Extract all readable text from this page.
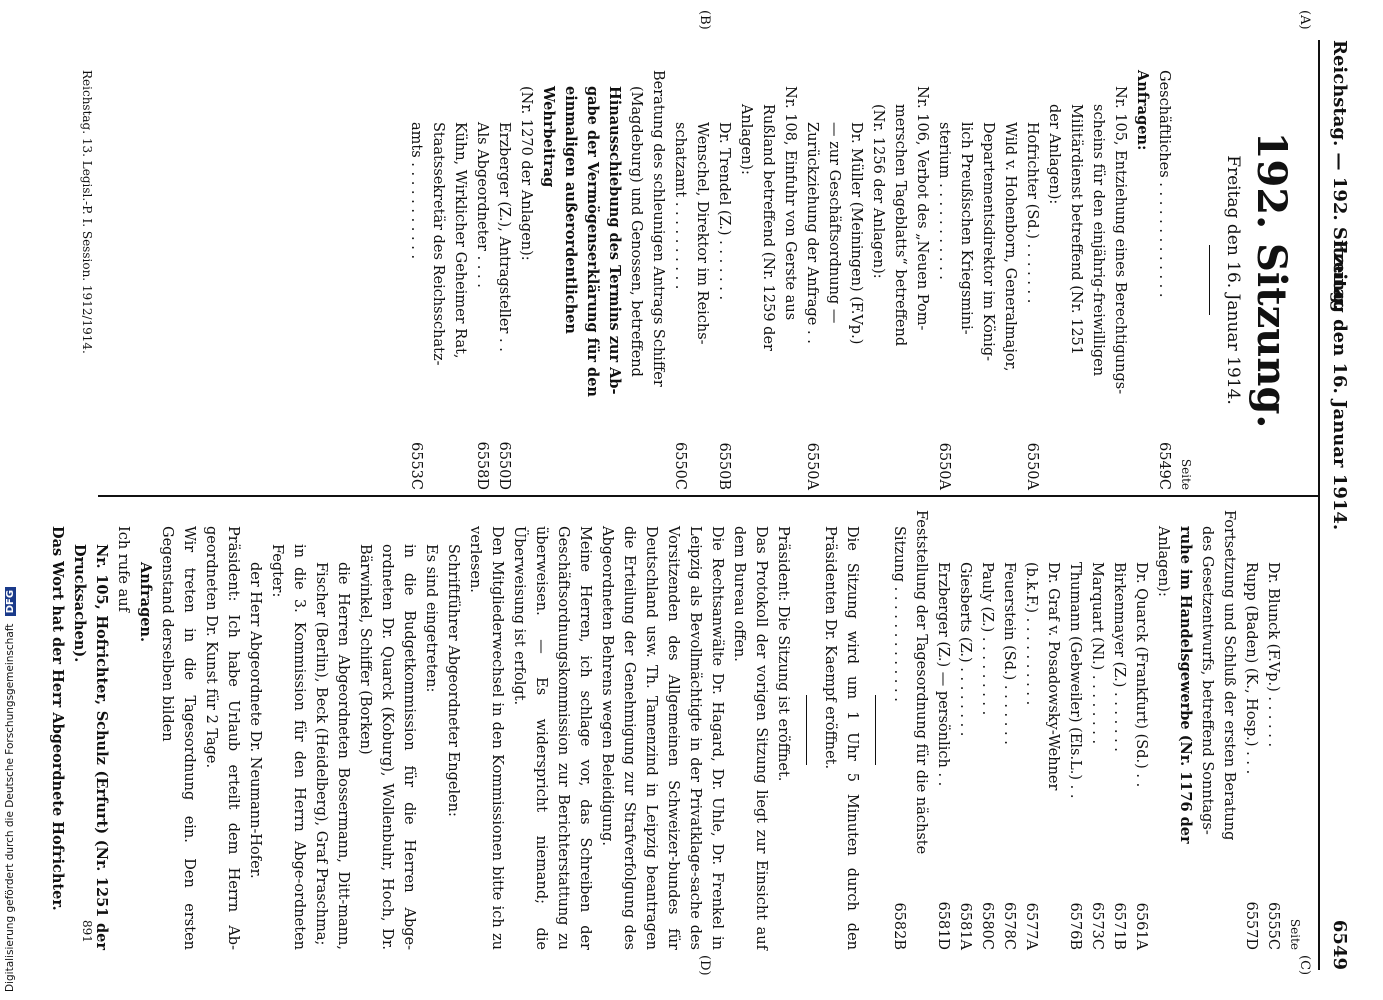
Reichstag. — 192. Sitzung.
Freitag den 16. Januar 1914.
6549
(A)
(B)
(C)
(D)
192. Sitzung.
Freitag den 16. Januar 1914.
Seite
Geschäftliches . . . . . . . . . . . . .
6549C
Anfragen:
Nr. 105, Entziehung eines Berechtigungs-
scheins für den einjährig-freiwilligen
Militärdienst betreffend (Nr. 1251
der Anlagen):
Hofrichter (Sd.) . . . . . . .
6550A
Wild v. Hohenborn, Generalmajor,
Departementsdirektor im König-
lich Preußischen Kriegsmini-
sterium . . . . . . . . . . .
6550A
Nr. 106, Verbot des „Neuen Pom-
merschen Tageblatts“ betreffend
(Nr. 1256 der Anlagen):
Dr. Müller (Meiningen) (F.Vp.)
— zur Geschäftsordnung —
Zurückziehung der Anfrage . .
6550A
Nr. 108, Einfuhr von Gerste aus
Rußland betreffend (Nr. 1259 der
Anlagen):
Dr. Trendel (Z.) . . . . . . .
6550B
Wenschel, Direktor im Reichs-
schatzamt . . . . . . . . . .
6550C
Beratung des schleunigen Antrags Schiffer
(Magdeburg) und Genossen, betreffend
Hinausschiebung des Termins zur Ab-
gabe der Vermögenserklärung für den
einmaligen außerordentlichen Wehrbeitrag
(Nr. 1270 der Anlagen):
Erzberger (Z.), Antragsteller . .
6550D
Als Abgeordneter . . . .
6558D
Kühn, Wirklicher Geheimer Rat,
Staatssekretär des Reichsschatz-
amts . . . . . . . . . . .
6553C
Seite
Dr. Blunck (F.Vp.) . . . . . .
6555C
Rupp (Baden) (K., Hosp.) . . .
6557D
Fortsetzung und Schluß der ersten Beratung
des Gesetzentwurfs, betreffend Sonntags-
ruhe im Handelsgewerbe (Nr. 1176 der
Anlagen):
Dr. Quarck (Frankfurt) (Sd.) . .
6561A
Birkenmayer (Z.) . . . . . . .
6571B
Marquart (Nl.) . . . . . . . .
6573C
Thumann (Gebweiler) (Els.L.) . .
6576B
Dr. Graf v. Posadowsky-Wehner
(b.k.F.) . . . . . . . . . .
6577A
Feuerstein (Sd.) . . . . . . .
6578C
Pauly (Z.) . . . . . . . . .
6580C
Giesberts (Z.) . . . . . . . .
6581A
Erzberger (Z.) — persönlich . .
6581D
Feststellung der Tagesordnung für die nächste
Sitzung . . . . . . . . . . . . .
6582B

Die Sitzung wird um 1 Uhr 5 Minuten durch den Präsidenten Dr. Kaempf eröffnet.

Präsident: Die Sitzung ist eröffnet.

Das Protokoll der vorigen Sitzung liegt zur Einsicht auf dem Bureau offen.

Die Rechtsanwälte Dr. Hagard, Dr. Uhle, Dr. Frenkel in Leipzig als Bevollmächtigte in der Privatklage-sache des Vorsitzenden des Allgemeinen Schweizer-bundes für Deutschland usw. Th. Tamenzind in Leipzig beantragen die Erteilung der Genehmigung zur Strafverfolgung des Abgeordneten Behrens wegen Beleidigung.

Meine Herren, ich schlage vor, das Schreiben der Geschäftsordnungskommission zur Berichterstattung zu überweisen. — Es widerspricht niemand; die Überweisung ist erfolgt.

Den Mitgliederwechsel in den Kommissionen bitte ich zu verlesen.

Schriftführer Abgeordneter Engelen:

Es sind eingetreten:

in die Budgetkommission für die Herren Abge-ordneten Dr. Quarck (Koburg), Wollenbuhr, Hoch, Dr. Bärwinkel, Schiffer (Borken)

die Herren Abgeordneten Bossermann, Ditt-mann, Fischer (Berlin), Beck (Heidelberg), Graf Praschma;

in die 3. Kommission für den Herrn Abge-ordneten Fegter:

der Herr Abgeordnete Dr. Neumann-Hofer.

Präsident: Ich habe Urlaub erteilt dem Herrn Ab-geordneten Dr. Kunst für 2 Tage.

Wir treten in die Tagesordnung ein. Den ersten Gegenstand derselben bilden

Anfragen.

Ich rufe auf

Nr. 105, Hofrichter, Schulz (Erfurt) (Nr. 1251 der Drucksachen).

Das Wort hat der Herr Abgeordnete Hofrichter.

Reichstag. 13. Legisl.-P. I. Session. 1912/1914.
891
Digitalisierung gefördert durch die Deutsche Forschungsgemeinschaft DFG
